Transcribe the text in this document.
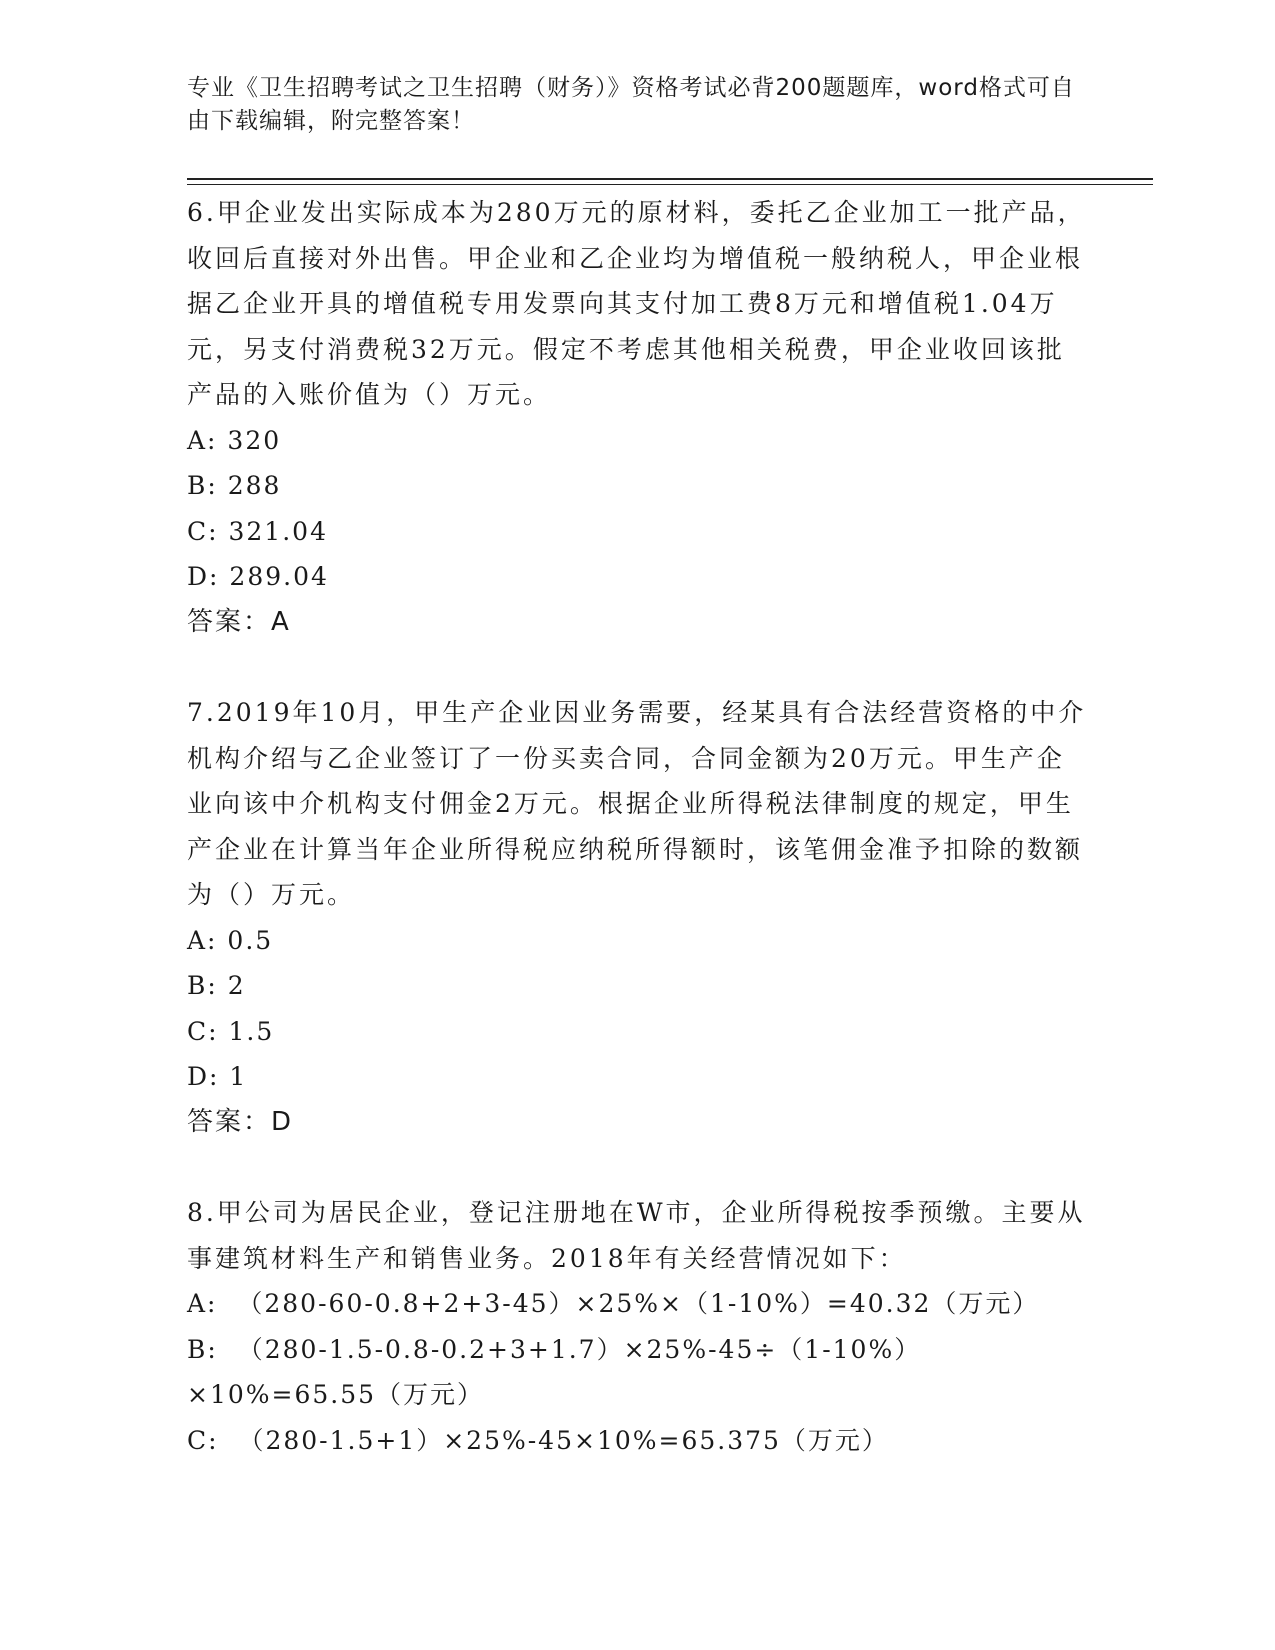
专业《卫生招聘考试之卫生招聘（财务）》资格考试必背200题题库，word格式可自由下载编辑，附完整答案！
6.甲企业发出实际成本为280万元的原材料，委托乙企业加工一批产品，收回后直接对外出售。甲企业和乙企业均为增值税一般纳税人，甲企业根据乙企业开具的增值税专用发票向其支付加工费8万元和增值税1.04万元，另支付消费税32万元。假定不考虑其他相关税费，甲企业收回该批产品的入账价值为（）万元。
A: 320
B: 288
C: 321.04
D: 289.04
答案：A
7.2019年10月，甲生产企业因业务需要，经某具有合法经营资格的中介机构介绍与乙企业签订了一份买卖合同，合同金额为20万元。甲生产企业向该中介机构支付佣金2万元。根据企业所得税法律制度的规定，甲生产企业在计算当年企业所得税应纳税所得额时，该笔佣金准予扣除的数额为（）万元。
A: 0.5
B: 2
C: 1.5
D: 1
答案：D
8.甲公司为居民企业，登记注册地在W市，企业所得税按季预缴。主要从事建筑材料生产和销售业务。2018年有关经营情况如下：
A:  （280-60-0.8+2+3-45）×25%×（1-10%）=40.32（万元）
B:  （280-1.5-0.8-0.2+3+1.7）×25%-45÷（1-10%）×10%=65.55（万元）
C:  （280-1.5+1）×25%-45×10%=65.375（万元）
